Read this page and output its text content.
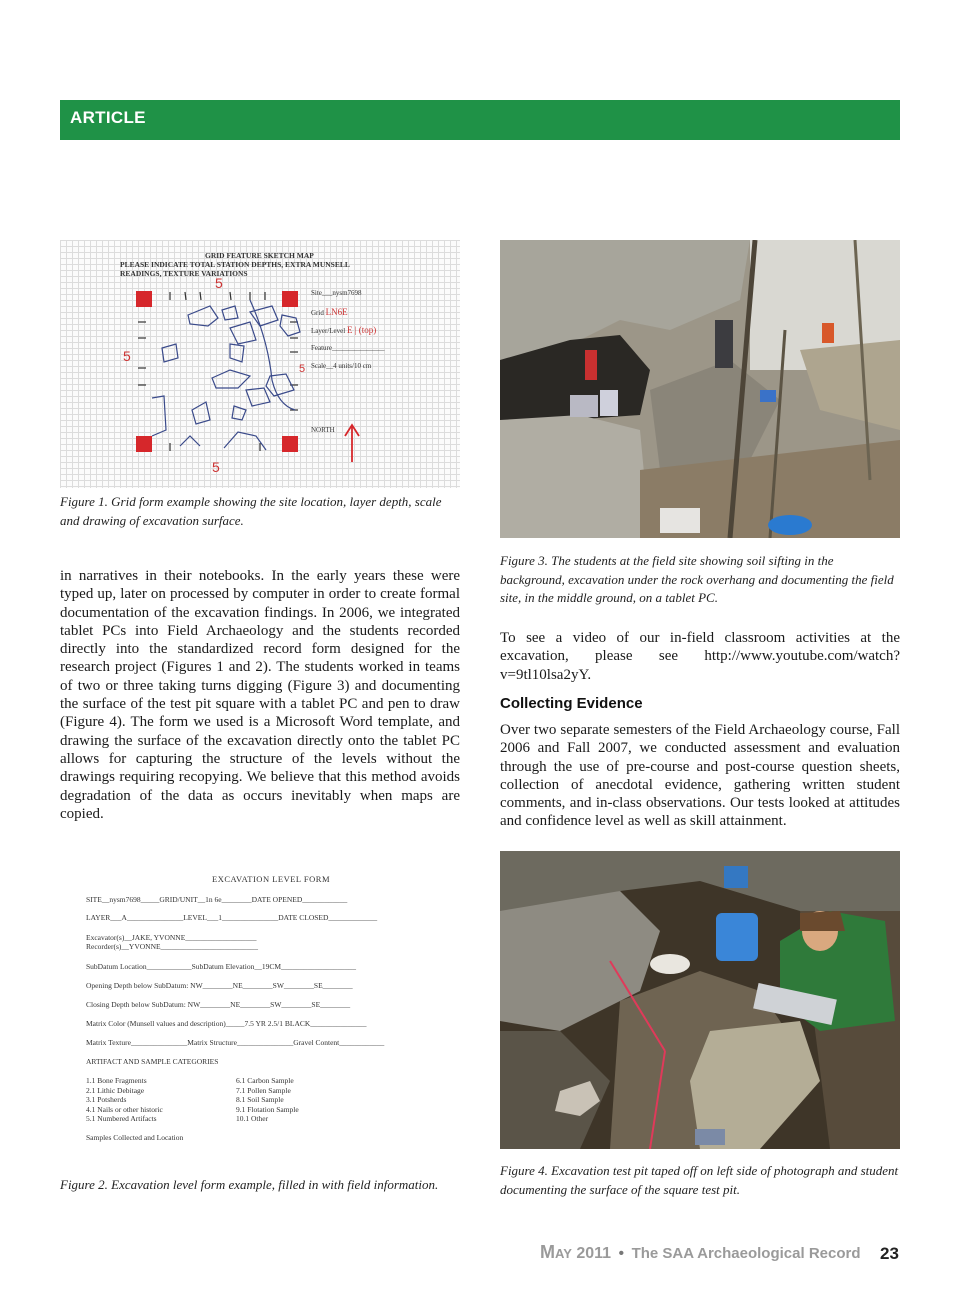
ARTICLE
GRID FEATURE SKETCH MAP
PLEASE INDICATE TOTAL STATION DEPTHS, EXTRA MUNSELL
READINGS, TEXTURE VARIATIONS
5
5
5
5
Site___nysm7698
Grid LN6E
Layer/Level E | (top)
Feature_______________
Scale__4 units/10 cm
NORTH
Figure 1. Grid form example showing the site location, layer depth, scale and drawing of excavation surface.
Figure 3. The students at the field site showing soil sifting in the background, excavation under the rock overhang and documenting the field site, in the middle ground, on a tablet PC.

in narratives in their notebooks. In the early years these were typed up, later on processed by computer in order to create formal documentation of the excavation findings. In 2006, we integrated tablet PCs into Field Archaeology and the students recorded directly into the standardized record form designed for the research project (Figures 1 and 2). The students worked in teams of two or three taking turns digging (Figure 3) and documenting the surface of the test pit square with a tablet PC and pen to draw (Figure 4). The form we used is a Microsoft Word template, and drawing the surface of the excavation directly onto the tablet PC allows for capturing the structure of the levels without the drawings requiring recopying. We believe that this method avoids degradation of the data as occurs inevitably when maps are copied.

To see a video of our in-field classroom activities at the excavation, please see http://www.youtube.com/watch?v=9tl10lsa2yY.

Collecting Evidence

Over two separate semesters of the Field Archaeology course, Fall 2006 and Fall 2007, we conducted assessment and evaluation through the use of pre-course and post-course question sheets, collection of anecdotal evidence, gathering written student comments, and in-class observations. Our tests looked at attitudes and confidence level as well as skill attainment.

EXCAVATION LEVEL FORM
SITE__nysm7698_____GRID/UNIT__1n 6e________DATE OPENED____________
LAYER___A_______________LEVEL___1_______________DATE CLOSED_____________
Excavator(s)__JAKE, YVONNE___________________
Recorder(s)__YVONNE__________________________
SubDatum Location____________SubDatum Elevation__19CM____________________
Opening Depth below SubDatum: NW________NE________SW________SE________
Closing Depth below SubDatum: NW________NE________SW________SE________
Matrix Color (Munsell values and description)_____7.5 YR 2.5/1 BLACK_______________
Matrix Texture_______________Matrix Structure_______________Gravel Content____________
ARTIFACT AND SAMPLE CATEGORIES
1.1 Bone Fragments
2.1 Lithic Debitage
3.1 Potsherds
4.1 Nails or other historic
5.1 Numbered Artifacts
6.1 Carbon Sample
7.1 Pollen Sample
8.1 Soil Sample
9.1 Flotation Sample
10.1 Other
Samples Collected and Location
Figure 2. Excavation level form example, filled in with field information.
Figure 4. Excavation test pit taped off on left side of photograph and student documenting the surface of the square test pit.
May 2011 • The SAA Archaeological Record 23
